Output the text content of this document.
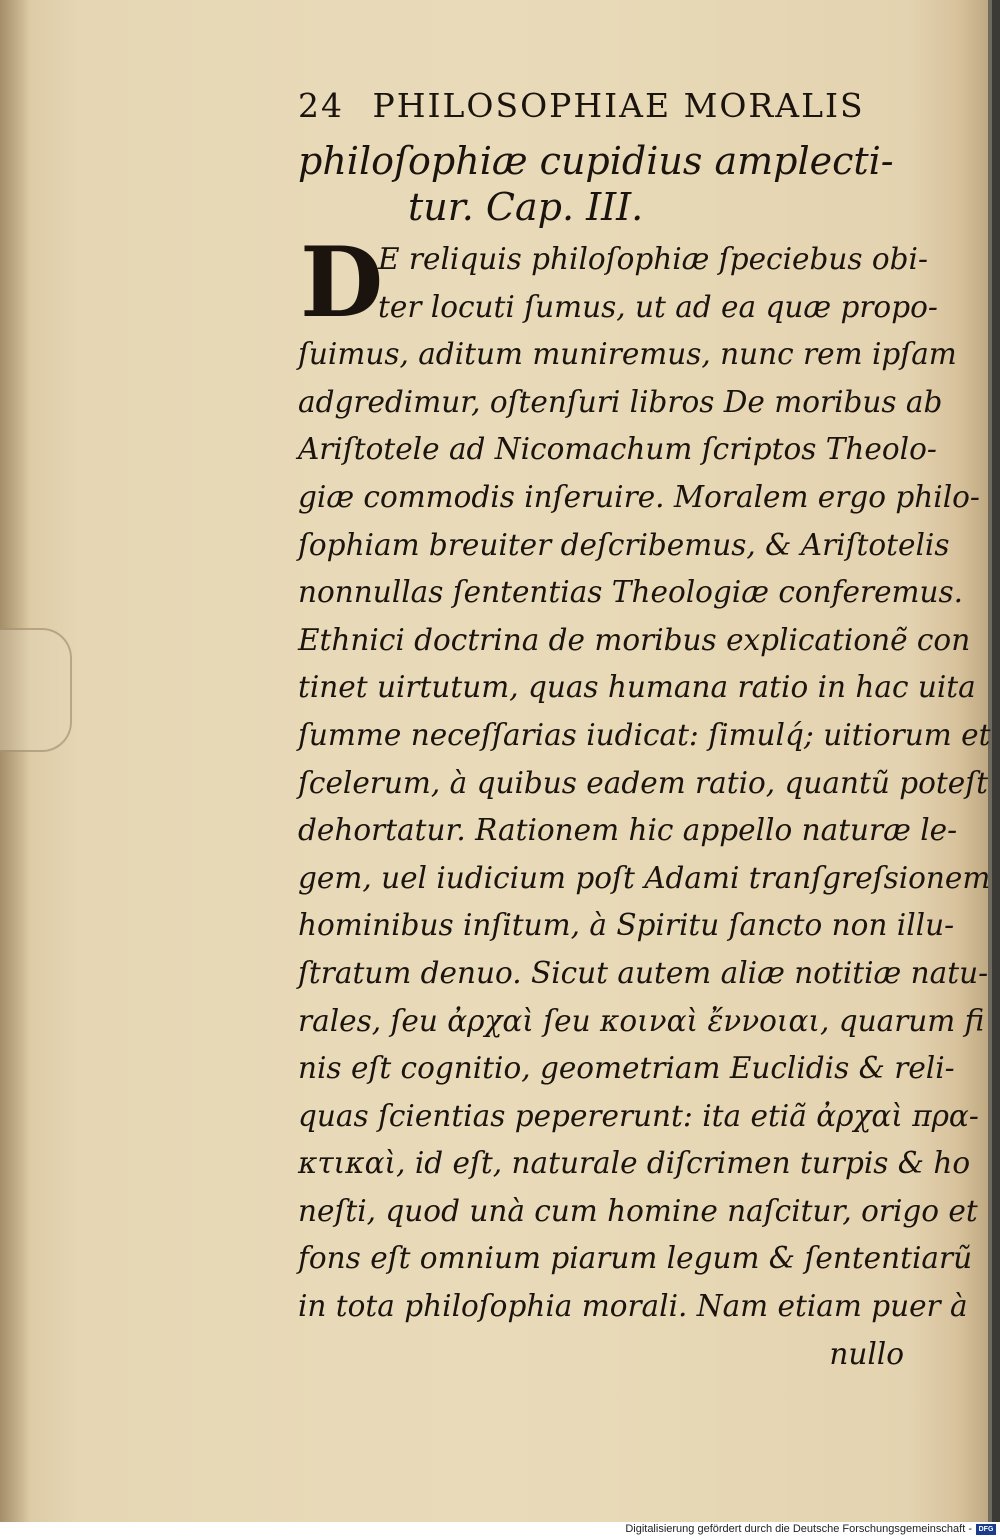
24 PHILOSOPHIAE MORALIS
philoſophiæ cupidius amplecti-
tur. Cap. III.
D
E reliquis philoſophiæ ſpeciebus obi-
ter locuti ſumus, ut ad ea quæ propo-
ſuimus, aditum muniremus, nunc rem ipſam
adgredimur, oſtenſuri libros De moribus ab
Ariſtotele ad Nicomachum ſcriptos Theolo-
giæ commodis inſeruire. Moralem ergo philo-
ſophiam breuiter deſcribemus, & Ariſtotelis
nonnullas ſententias Theologiæ conferemus.
Ethnici doctrina de moribus explicationẽ con
tinet uirtutum, quas humana ratio in hac uita
ſumme neceſſarias iudicat: ſimulq́; uitiorum et
ſcelerum, à quibus eadem ratio, quantũ poteſt
dehortatur. Rationem hic appello naturæ le-
gem, uel iudicium poſt Adami tranſgreſsionem
hominibus inſitum, à Spiritu ſancto non illu-
ſtratum denuo. Sicut autem aliæ notitiæ natu-
rales, ſeu ἀρχαὶ ſeu κοιναὶ ἔννοιαι, quarum fi
nis eſt cognitio, geometriam Euclidis & reli-
quas ſcientias pepererunt: ita etiã ἀρχαὶ πρα-
κτικαὶ, id eſt, naturale diſcrimen turpis & ho
neſti, quod unà cum homine naſcitur, origo et
fons eſt omnium piarum legum & ſententiarũ
in tota philoſophia morali. Nam etiam puer à
nullo
Digitalisierung gefördert durch die Deutsche Forschungsgemeinschaft - DFG
